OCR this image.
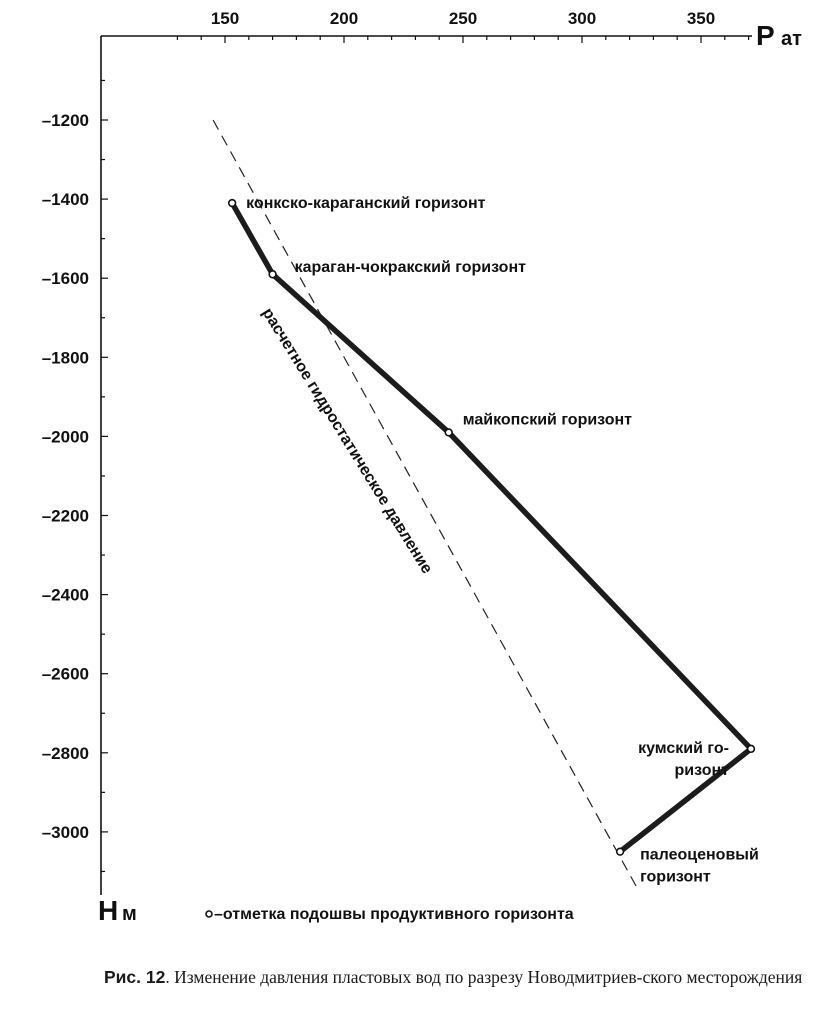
150	200	250	300	350
–1200
–1400
–1600
–1800
–2000
–2200
–2400
–2600
–2800
–3000
конкско-караганский горизонт
караган-чокракский горизонт
майкопский горизонт
кумский го-ризонт
палеоценовый горизонт
P ат
H м
расчетное гидростатическое давление
–отметка подошвы продуктивного горизонта
Рис. 12. Изменение давления пластовых вод по разрезу Новодмитриев-ского месторождения
